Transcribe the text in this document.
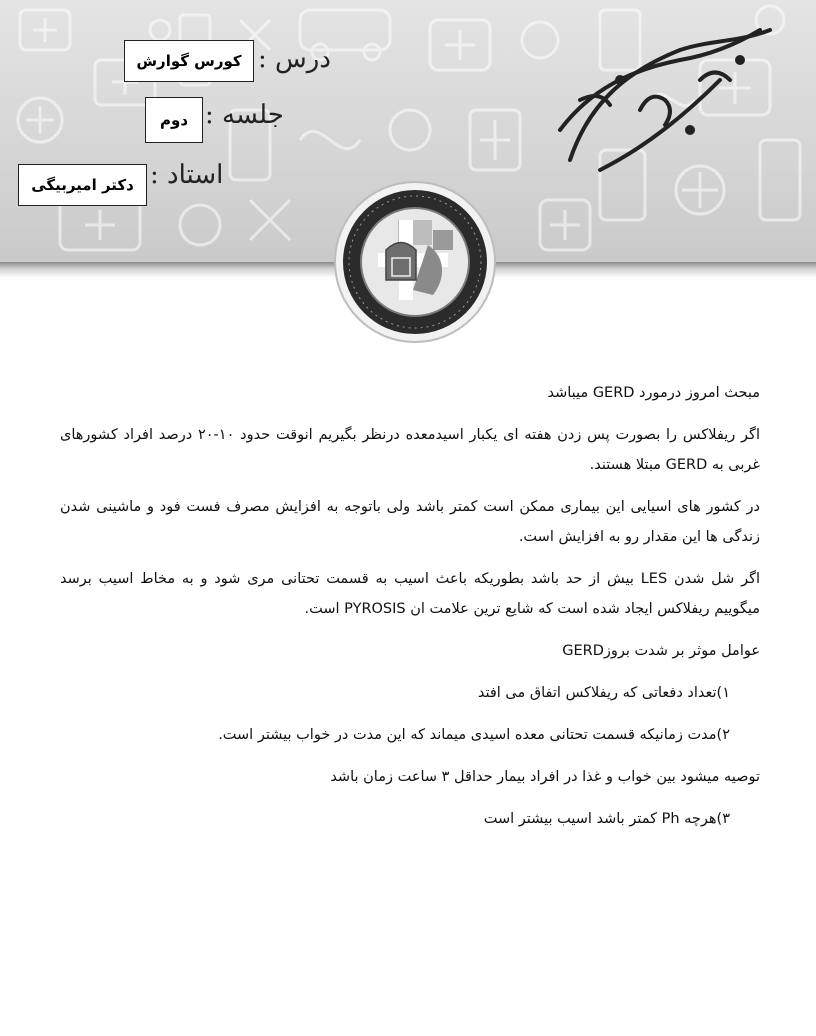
درس :
کورس گوارش
جلسه :
دوم
استاد :
دکتر امیربیگی

مبحث امروز درمورد GERD میباشد

اگر ریفلاکس را بصورت پس زدن هفته ای یکبار اسیدمعده درنظر بگیریم انوقت حدود ۱۰-۲۰ درصد افراد کشورهای غربی به GERD مبتلا هستند.

در کشور های اسیایی این بیماری ممکن است کمتر باشد ولی باتوجه به افزایش مصرف فست فود و ماشینی شدن زندگی ها این مقدار رو به افزایش است.

اگر شل شدن LES بیش از حد باشد بطوریکه باعث اسیب به قسمت تحتانی مری شود و به مخاط اسیب برسد میگوییم ریفلاکس ایجاد شده است که شایع ترین علامت ان PYROSIS است.

عوامل موثر بر شدت بروزGERD

۱)تعداد دفعاتی که ریفلاکس اتفاق می افتد

۲)مدت زمانیکه قسمت تحتانی معده اسیدی میماند که این مدت در خواب بیشتر است.

توصیه میشود بین خواب و غذا در افراد بیمار حداقل ۳ ساعت زمان باشد

۳)هرچه Ph کمتر باشد اسیب بیشتر است
